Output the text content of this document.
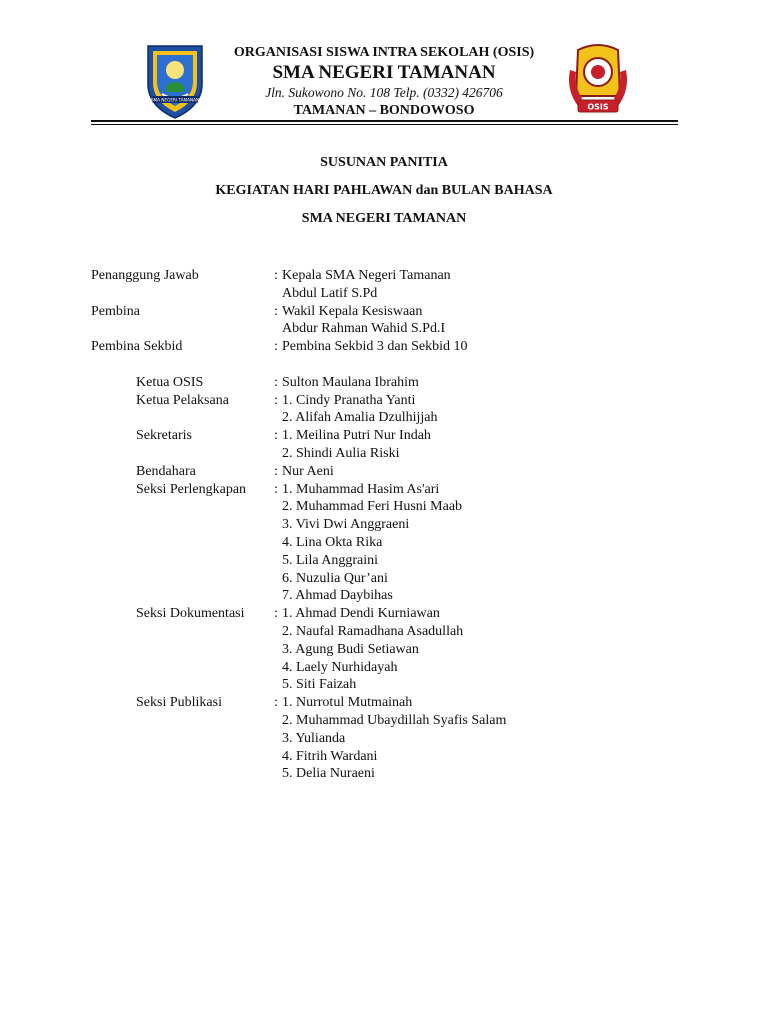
SMA NEGERI TAMANAN
OSIS
ORGANISASI SISWA INTRA SEKOLAH (OSIS)
SMA NEGERI TAMANAN
Jln. Sukowono No. 108 Telp. (0332) 426706
TAMANAN – BONDOWOSO
SUSUNAN PANITIA
KEGIATAN HARI PAHLAWAN dan BULAN BAHASA
SMA NEGERI TAMANAN
Penanggung Jawab	: Kepala SMA Negeri Tamanan
Abdul Latif S.Pd
Pembina	: Wakil Kepala Kesiswaan
Abdur Rahman Wahid S.Pd.I
Pembina Sekbid	: Pembina Sekbid 3 dan Sekbid 10
Ketua OSIS	: Sulton Maulana Ibrahim
Ketua Pelaksana	: 1. Cindy Pranatha Yanti
2. Alifah Amalia Dzulhijjah
Sekretaris	: 1. Meilina Putri Nur Indah
2. Shindi Aulia Riski
Bendahara	: Nur Aeni
Seksi Perlengkapan : 1. Muhammad Hasim As'ari
2. Muhammad Feri Husni Maab
3. Vivi Dwi Anggraeni
4. Lina Okta Rika
5. Lila Anggraini
6. Nuzulia Qur’ani
7. Ahmad Daybihas
Seksi Dokumentasi : 1. Ahmad Dendi Kurniawan
2. Naufal Ramadhana Asadullah
3. Agung Budi Setiawan
4. Laely Nurhidayah
5. Siti Faizah
Seksi Publikasi	: 1. Nurrotul Mutmainah
2. Muhammad Ubaydillah Syafis Salam
3. Yulianda
4. Fitrih Wardani
5. Delia Nuraeni
